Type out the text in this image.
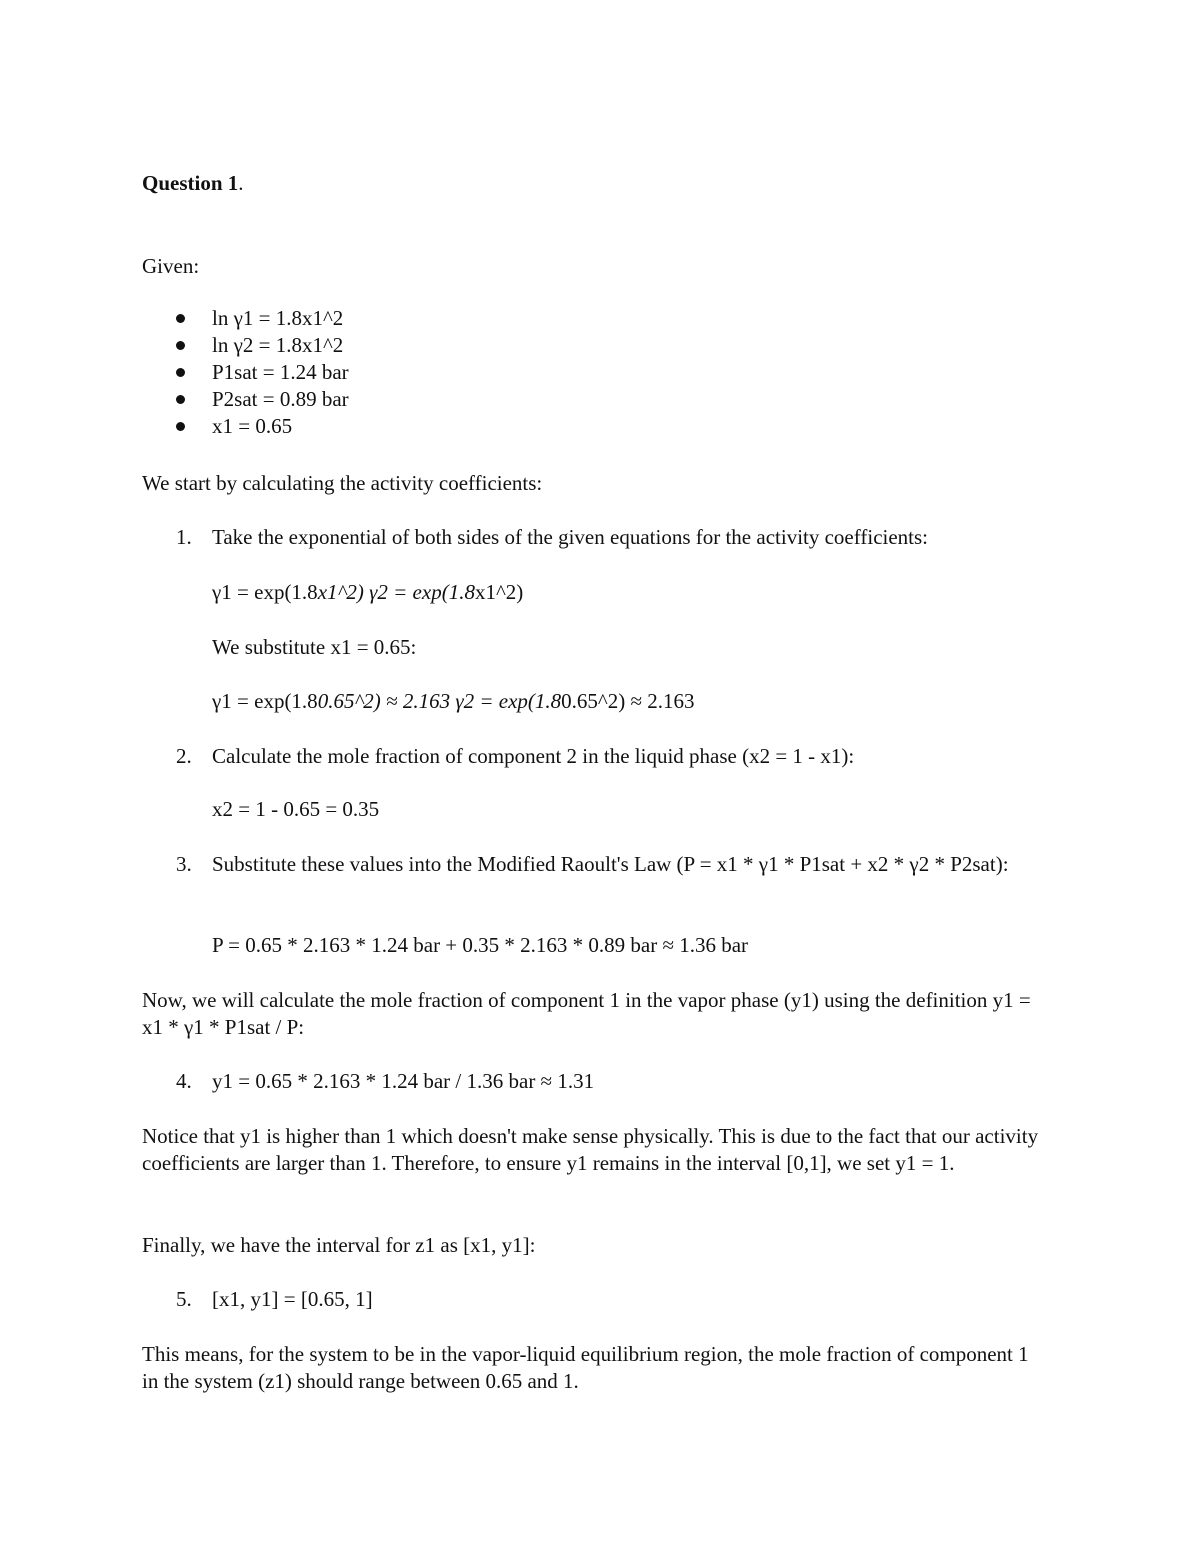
Question 1.
Given:
ln γ1 = 1.8x1^2
ln γ2 = 1.8x1^2
P1sat = 1.24 bar
P2sat = 0.89 bar
x1 = 0.65
We start by calculating the activity coefficients:
1. Take the exponential of both sides of the given equations for the activity coefficients:
γ1 = exp(1.8x1^2) γ2 = exp(1.8x1^2)
We substitute x1 = 0.65:
γ1 = exp(1.80.65^2) ≈ 2.163 γ2 = exp(1.80.65^2) ≈ 2.163
2. Calculate the mole fraction of component 2 in the liquid phase (x2 = 1 - x1):
x2 = 1 - 0.65 = 0.35
3. Substitute these values into the Modified Raoult's Law (P = x1 * γ1 * P1sat + x2 * γ2 * P2sat):
P = 0.65 * 2.163 * 1.24 bar + 0.35 * 2.163 * 0.89 bar ≈ 1.36 bar
Now, we will calculate the mole fraction of component 1 in the vapor phase (y1) using the definition y1 = x1 * γ1 * P1sat / P:
4. y1 = 0.65 * 2.163 * 1.24 bar / 1.36 bar ≈ 1.31
Notice that y1 is higher than 1 which doesn't make sense physically. This is due to the fact that our activity coefficients are larger than 1. Therefore, to ensure y1 remains in the interval [0,1], we set y1 = 1.
Finally, we have the interval for z1 as [x1, y1]:
5. [x1, y1] = [0.65, 1]
This means, for the system to be in the vapor-liquid equilibrium region, the mole fraction of component 1 in the system (z1) should range between 0.65 and 1.
